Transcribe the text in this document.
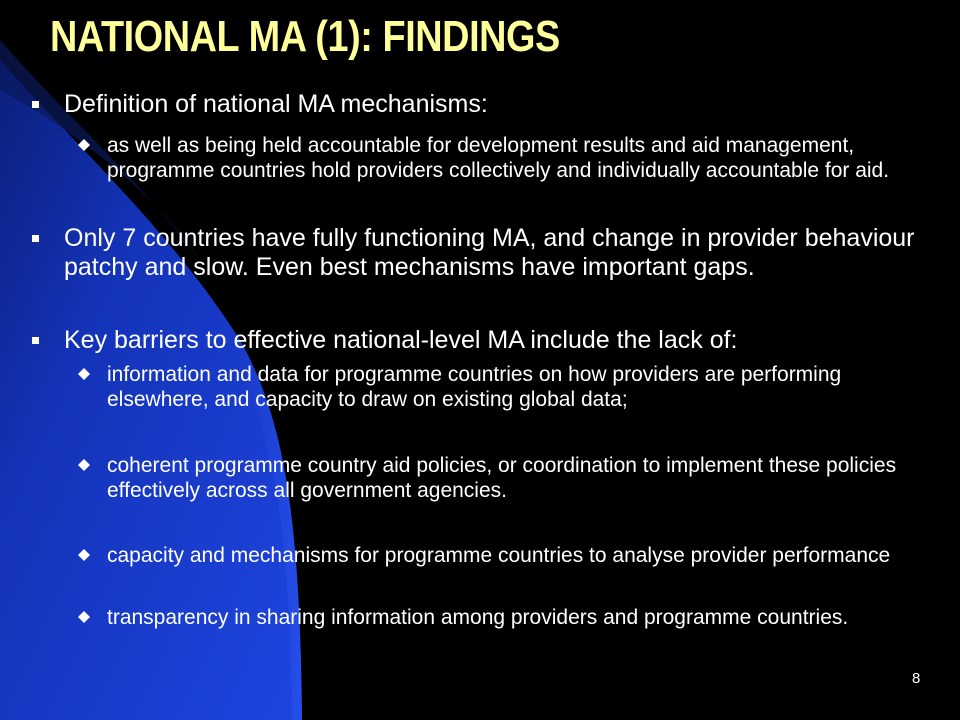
NATIONAL MA (1): FINDINGS
Definition of national MA mechanisms:
as well as being held accountable for development results and aid management, programme countries hold providers collectively and individually accountable for aid.
Only 7 countries have fully functioning MA, and change in provider behaviour patchy and slow. Even best mechanisms have important gaps.
Key barriers to effective national-level MA include the lack of:
information and data for programme countries on how providers are performing elsewhere, and capacity to draw on existing global data;
coherent programme country aid policies, or coordination to implement these policies effectively across all government agencies.
capacity and mechanisms for programme countries to analyse provider performance
transparency in sharing information among providers and programme countries.
8
